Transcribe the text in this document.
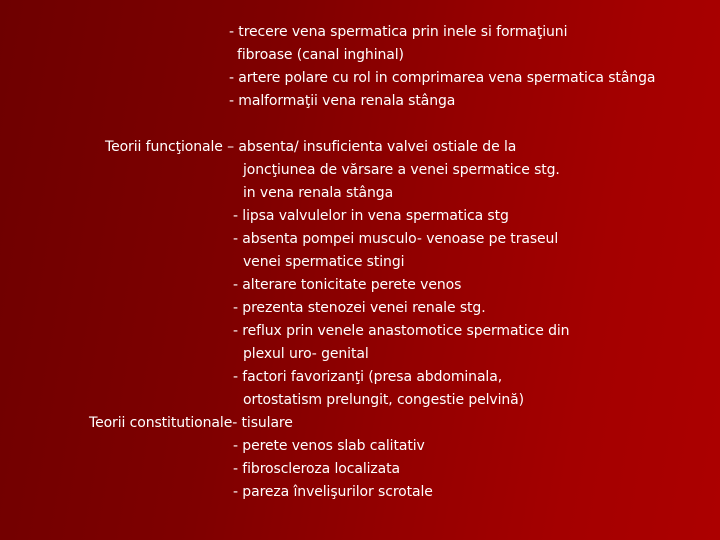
- trecere vena spermatica prin inele si formaţiuni
fibroase (canal inghinal)
- artere polare cu rol in comprimarea vena spermatica stânga
- malformaţii vena renala stânga
Teorii funcţionale – absenta/ insuficienta valvei ostiale de la
joncţiunea de vărsare a venei spermatice stg.
in vena renala stânga
- lipsa valvulelor in vena spermatica stg
- absenta pompei musculo- venoase pe traseul
venei spermatice stingi
- alterare tonicitate perete venos
- prezenta stenozei venei renale stg.
- reflux prin venele anastomotice spermatice din
plexul uro- genital
- factori favorizanţi (presa abdominala,
ortostatism prelungit, congestie pelvină)
Teorii constitutionale- tisulare
- perete venos slab calitativ
- fibroscleroza localizata
- pareza învelişurilor scrotale
